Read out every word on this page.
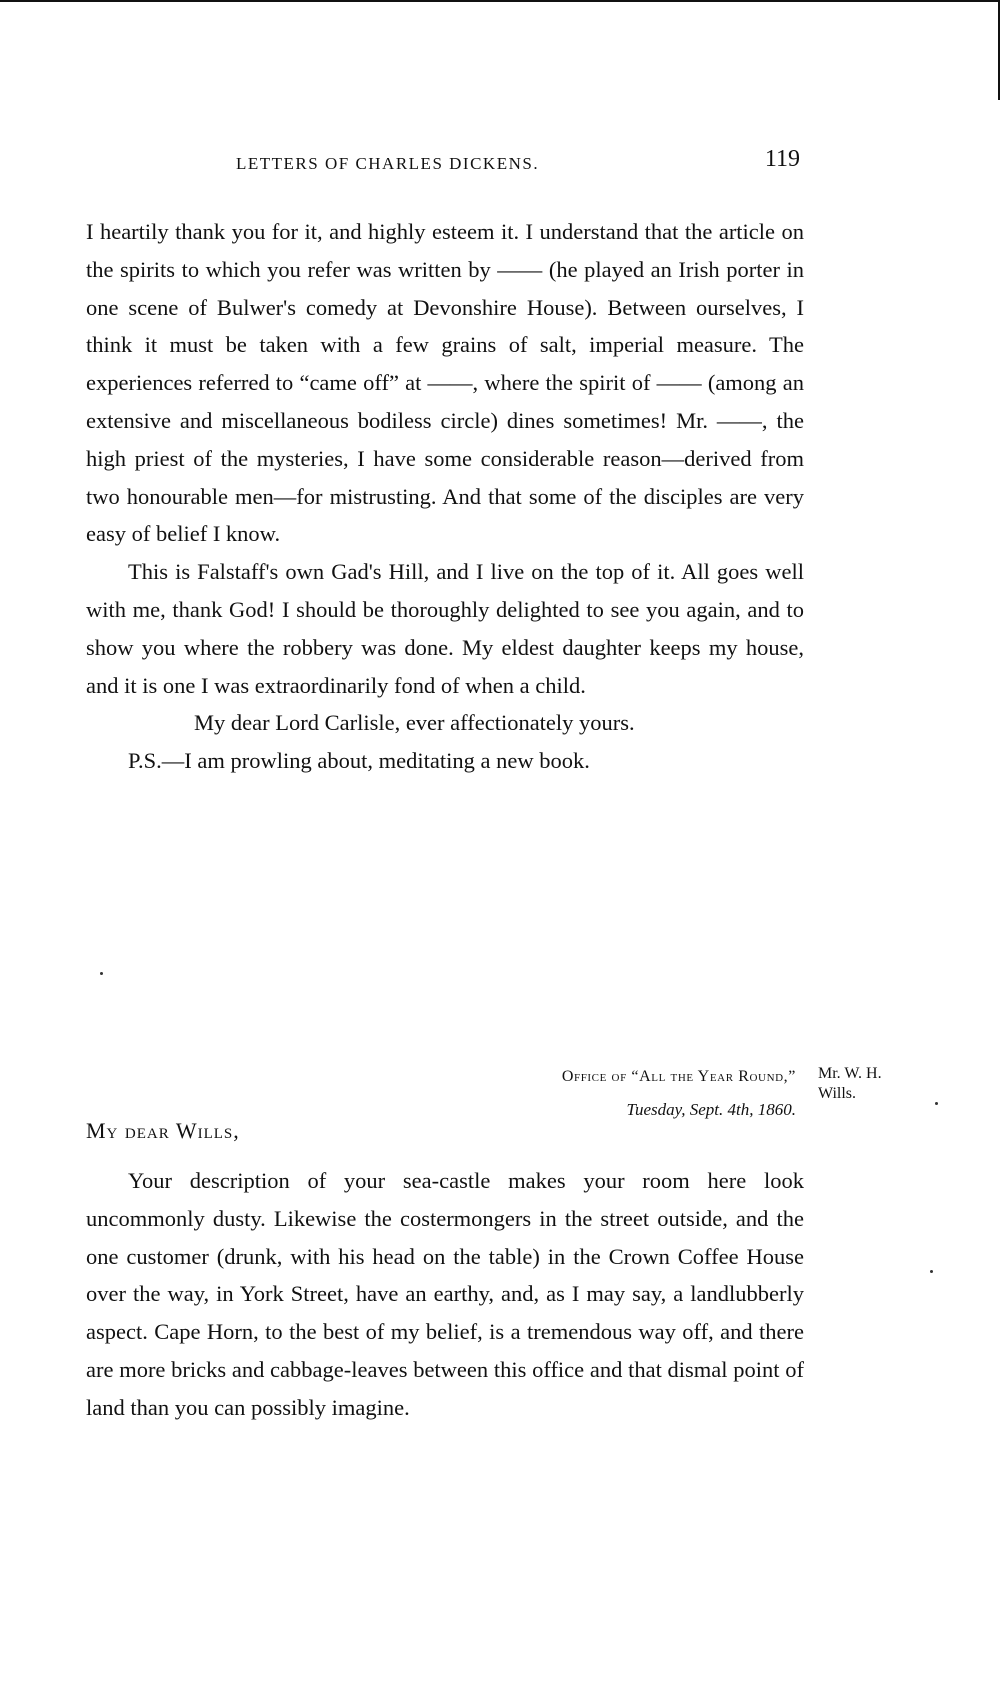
LETTERS OF CHARLES DICKENS.	119

I heartily thank you for it, and highly esteem it. I understand that the article on the spirits to which you refer was written by —— (he played an Irish porter in one scene of Bulwer's comedy at Devonshire House). Between ourselves, I think it must be taken with a few grains of salt, imperial measure. The experiences referred to “came off” at ——, where the spirit of —— (among an extensive and miscellaneous bodiless circle) dines sometimes! Mr. ——, the high priest of the mysteries, I have some considerable reason—derived from two honourable men—for mistrusting. And that some of the disciples are very easy of belief I know.

This is Falstaff's own Gad's Hill, and I live on the top of it. All goes well with me, thank God! I should be thoroughly delighted to see you again, and to show you where the robbery was done. My eldest daughter keeps my house, and it is one I was extraordinarily fond of when a child.

My dear Lord Carlisle, ever affectionately yours.

P.S.—I am prowling about, meditating a new book.

Office of “All the Year Round,”
Tuesday, Sept. 4th, 1860.
Mr. W. H.
Wills.
My dear Wills,

Your description of your sea-castle makes your room here look uncommonly dusty. Likewise the costermongers in the street outside, and the one customer (drunk, with his head on the table) in the Crown Coffee House over the way, in York Street, have an earthy, and, as I may say, a landlubberly aspect. Cape Horn, to the best of my belief, is a tremendous way off, and there are more bricks and cabbage-leaves between this office and that dismal point of land than you can possibly imagine.
